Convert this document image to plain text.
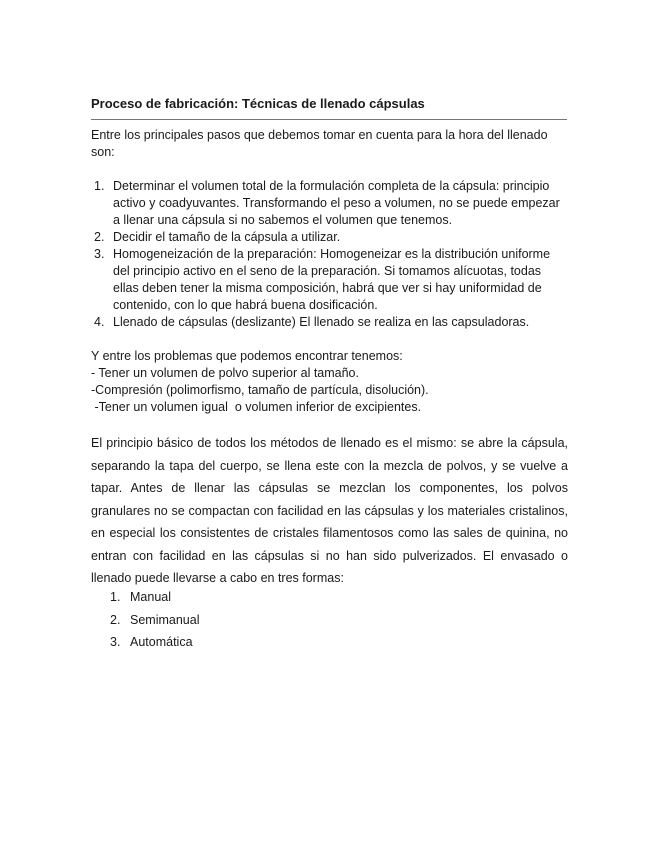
Proceso de fabricación: Técnicas de llenado cápsulas
Entre los principales pasos que debemos tomar en cuenta para la hora del llenado son:
1. Determinar el volumen total de la formulación completa de la cápsula: principio activo y coadyuvantes. Transformando el peso a volumen, no se puede empezar a llenar una cápsula si no sabemos el volumen que tenemos.
2. Decidir el tamaño de la cápsula a utilizar.
3. Homogeneización de la preparación: Homogeneizar es la distribución uniforme del principio activo en el seno de la preparación. Si tomamos alícuotas, todas ellas deben tener la misma composición, habrá que ver si hay uniformidad de contenido, con lo que habrá buena dosificación.
4. Llenado de cápsulas (deslizante) El llenado se realiza en las capsuladoras.
Y entre los problemas que podemos encontrar tenemos:
- Tener un volumen de polvo superior al tamaño.
-Compresión (polimorfismo, tamaño de partícula, disolución).
-Tener un volumen igual  o volumen inferior de excipientes.
El principio básico de todos los métodos de llenado es el mismo: se abre la cápsula, separando la tapa del cuerpo, se llena este con la mezcla de polvos, y se vuelve a tapar. Antes de llenar las cápsulas se mezclan los componentes, los polvos granulares no se compactan con facilidad en las cápsulas y los materiales cristalinos, en especial los consistentes de cristales filamentosos como las sales de quinina, no entran con facilidad en las cápsulas si no han sido pulverizados. El envasado o llenado puede llevarse a cabo en tres formas:
1. Manual
2. Semimanual
3. Automática
